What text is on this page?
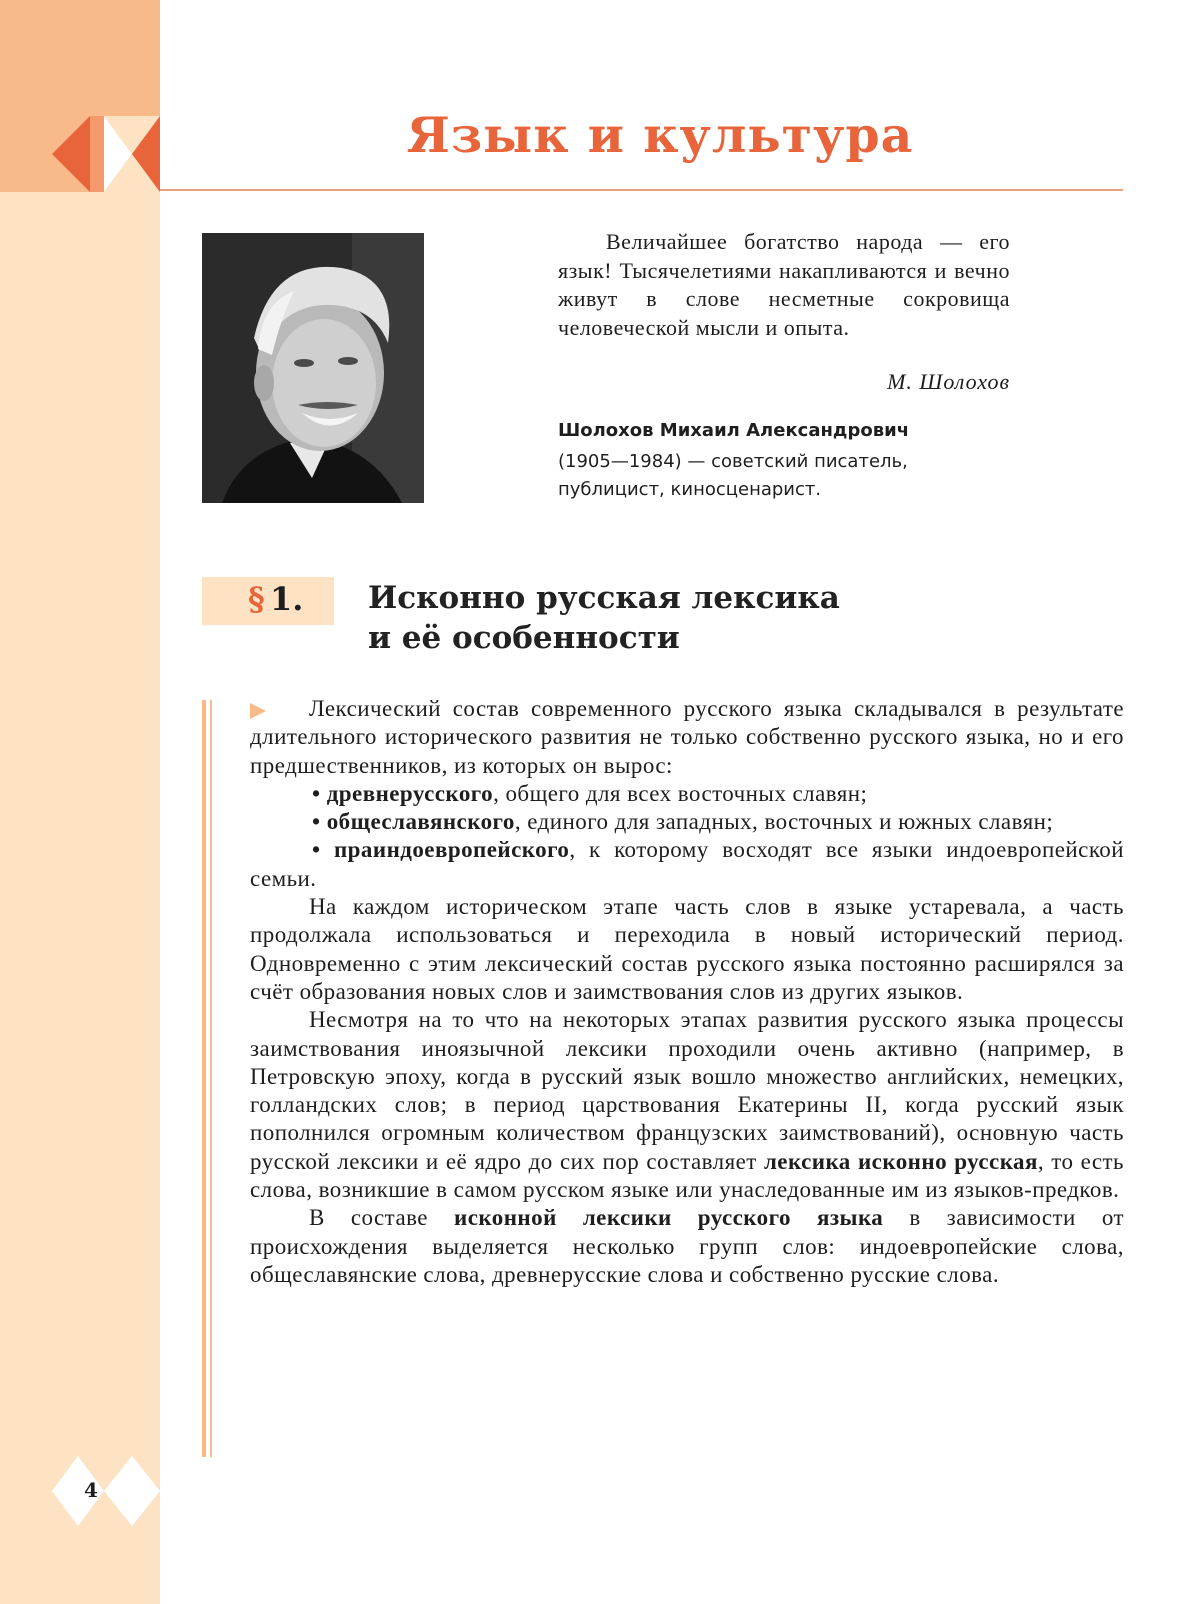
Язык и культура

Величайшее богатство народа — его язык! Тысячелетиями накапливаются и вечно живут в слове несметные сокровища человеческой мысли и опыта.

М. Шолохов
Шолохов Михаил Александрович

(1905—1984) — советский писатель, публицист, киносценарист.

§ 1. Исконно русская лексика
и её особенности

Лексический состав современного русского языка складывался в результате длительного исторического развития не только собственно русского языка, но и его предшественников, из которых он вырос:

• древнерусского, общего для всех восточных славян;

• общеславянского, единого для западных, восточных и южных славян;

• праиндоевропейского, к которому восходят все языки индоевропейской семьи.

На каждом историческом этапе часть слов в языке устаревала, а часть продолжала использоваться и переходила в новый исторический период. Одновременно с этим лексический состав русского языка постоянно расширялся за счёт образования новых слов и заимствования слов из других языков.

Несмотря на то что на некоторых этапах развития русского языка процессы заимствования иноязычной лексики проходили очень активно (например, в Петровскую эпоху, когда в русский язык вошло множество английских, немецких, голландских слов; в период царствования Екатерины II, когда русский язык пополнился огромным количеством французских заимствований), основную часть русской лексики и её ядро до сих пор составляет лексика исконно русская, то есть слова, возникшие в самом русском языке или унаследованные им из языков-предков.

В составе исконной лексики русского языка в зависимости от происхождения выделяется несколько групп слов: индоевропейские слова, общеславянские слова, древнерусские слова и собственно русские слова.

4
